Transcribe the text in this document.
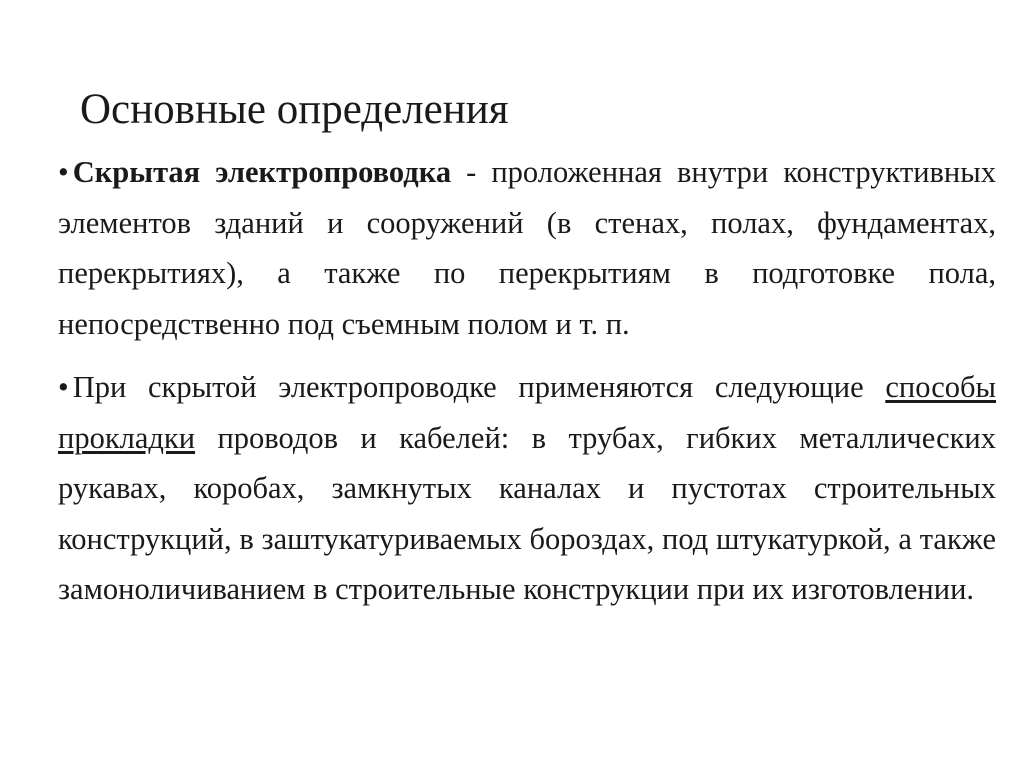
Основные определения

• Скрытая электропроводка - проложенная внутри конструктивных элементов зданий и сооружений (в стенах, полах, фундаментах, перекрытиях), а также по перекрытиям в подготовке пола, непосредственно под съемным полом и т. п.

• При скрытой электропроводке применяются следующие способы прокладки проводов и кабелей: в трубах, гибких металлических рукавах, коробах, замкнутых каналах и пустотах строительных конструкций, в заштукатуриваемых бороздах, под штукатуркой, а также замоноличиванием в строительные конструкции при их изготовлении.
